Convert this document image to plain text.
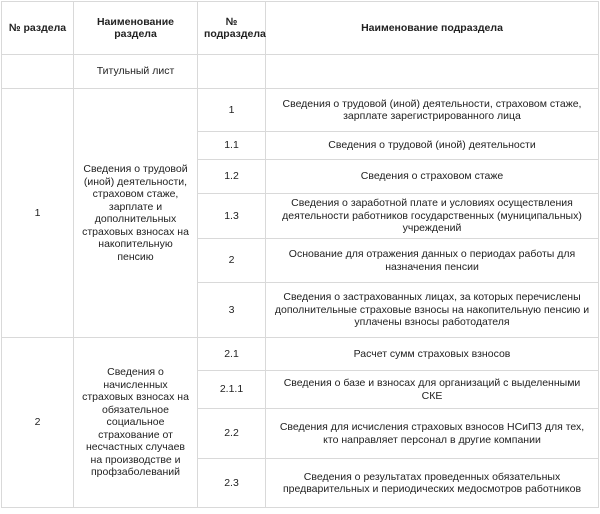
№ раздела	Наименование раздела	№ подраздела	Наименование подраздела
	Титульный лист		
1	Сведения о трудовой (иной) деятельности, страховом стаже, зарплате и дополнительных страховых взносах на накопительную пенсию	1	Сведения о трудовой (иной) деятельности, страховом стаже, зарплате зарегистрированного лица
		1.1	Сведения о трудовой (иной) деятельности
		1.2	Сведения о страховом стаже
		1.3	Сведения о заработной плате и условиях осуществления деятельности работников государственных (муниципальных) учреждений
		2	Основание для отражения данных о периодах работы для назначения пенсии
		3	Сведения о застрахованных лицах, за которых перечислены дополнительные страховые взносы на накопительную пенсию и уплачены взносы работодателя
2	Сведения о начисленных страховых взносах на обязательное социальное страхование от несчастных случаев на производстве и профзаболеваний	2.1	Расчет сумм страховых взносов
		2.1.1	Сведения о базе и взносах для организаций с выделенными СКЕ
		2.2	Сведения для исчисления страховых взносов НСиПЗ для тех, кто направляет персонал в другие компании
		2.3	Сведения о результатах проведенных обязательных предварительных и периодических медосмотров работников
